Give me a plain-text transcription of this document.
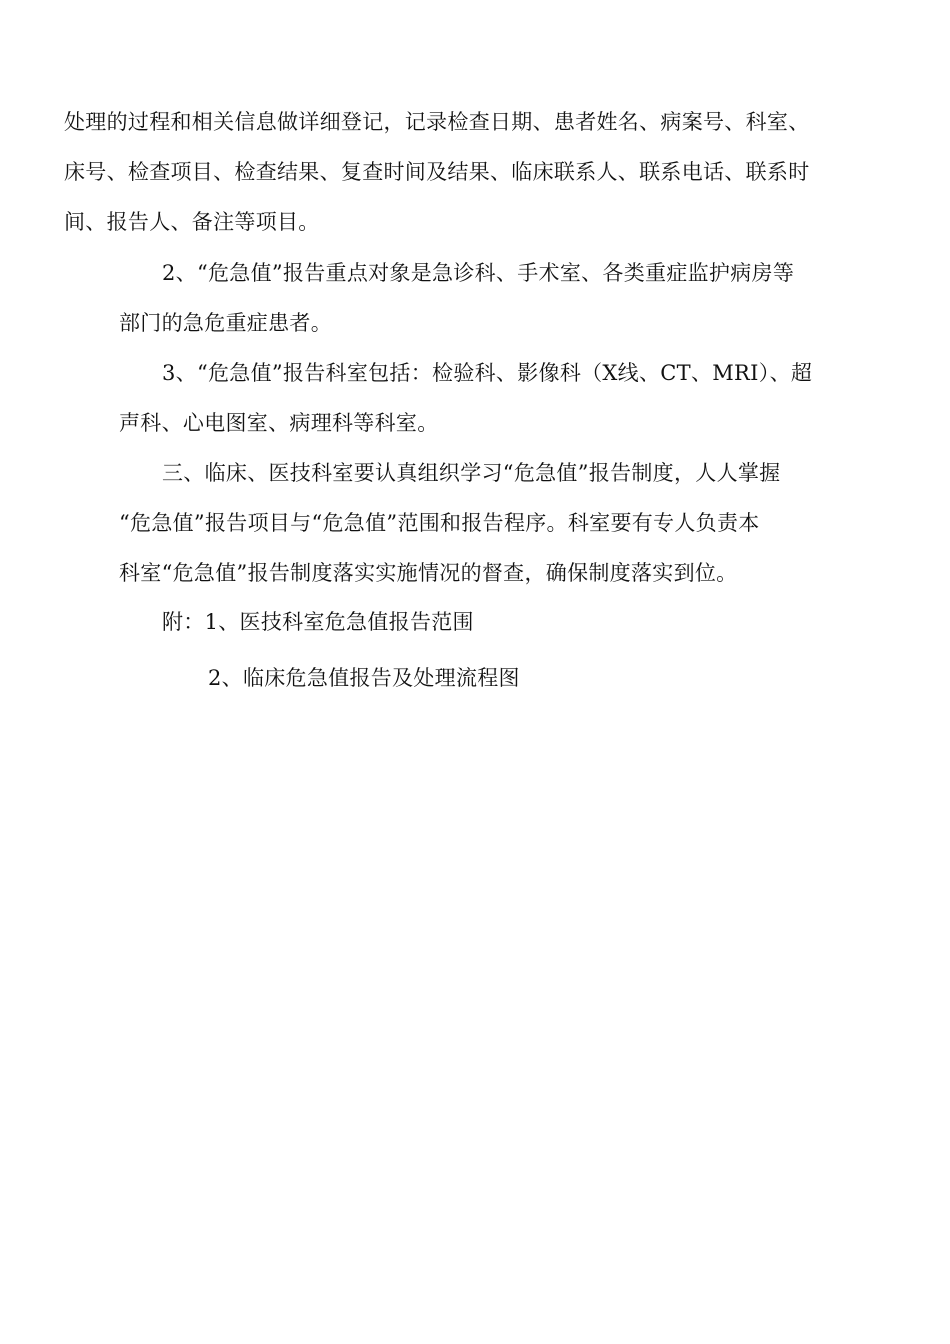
处理的过程和相关信息做详细登记，记录检查日期、患者姓名、病案号、科室、
床号、检查项目、检查结果、复查时间及结果、临床联系人、联系电话、联系时
间、报告人、备注等项目。
2、“危急值”报告重点对象是急诊科、手术室、各类重症监护病房等
部门的急危重症患者。
3、“危急值”报告科室包括：检验科、影像科（X线、CT、MRI）、超
声科、心电图室、病理科等科室。
三、临床、医技科室要认真组织学习“危急值”报告制度，人人掌握
“危急值”报告项目与“危急值”范围和报告程序。科室要有专人负责本
科室“危急值”报告制度落实实施情况的督查，确保制度落实到位。
附：1、医技科室危急值报告范围
2、临床危急值报告及处理流程图
